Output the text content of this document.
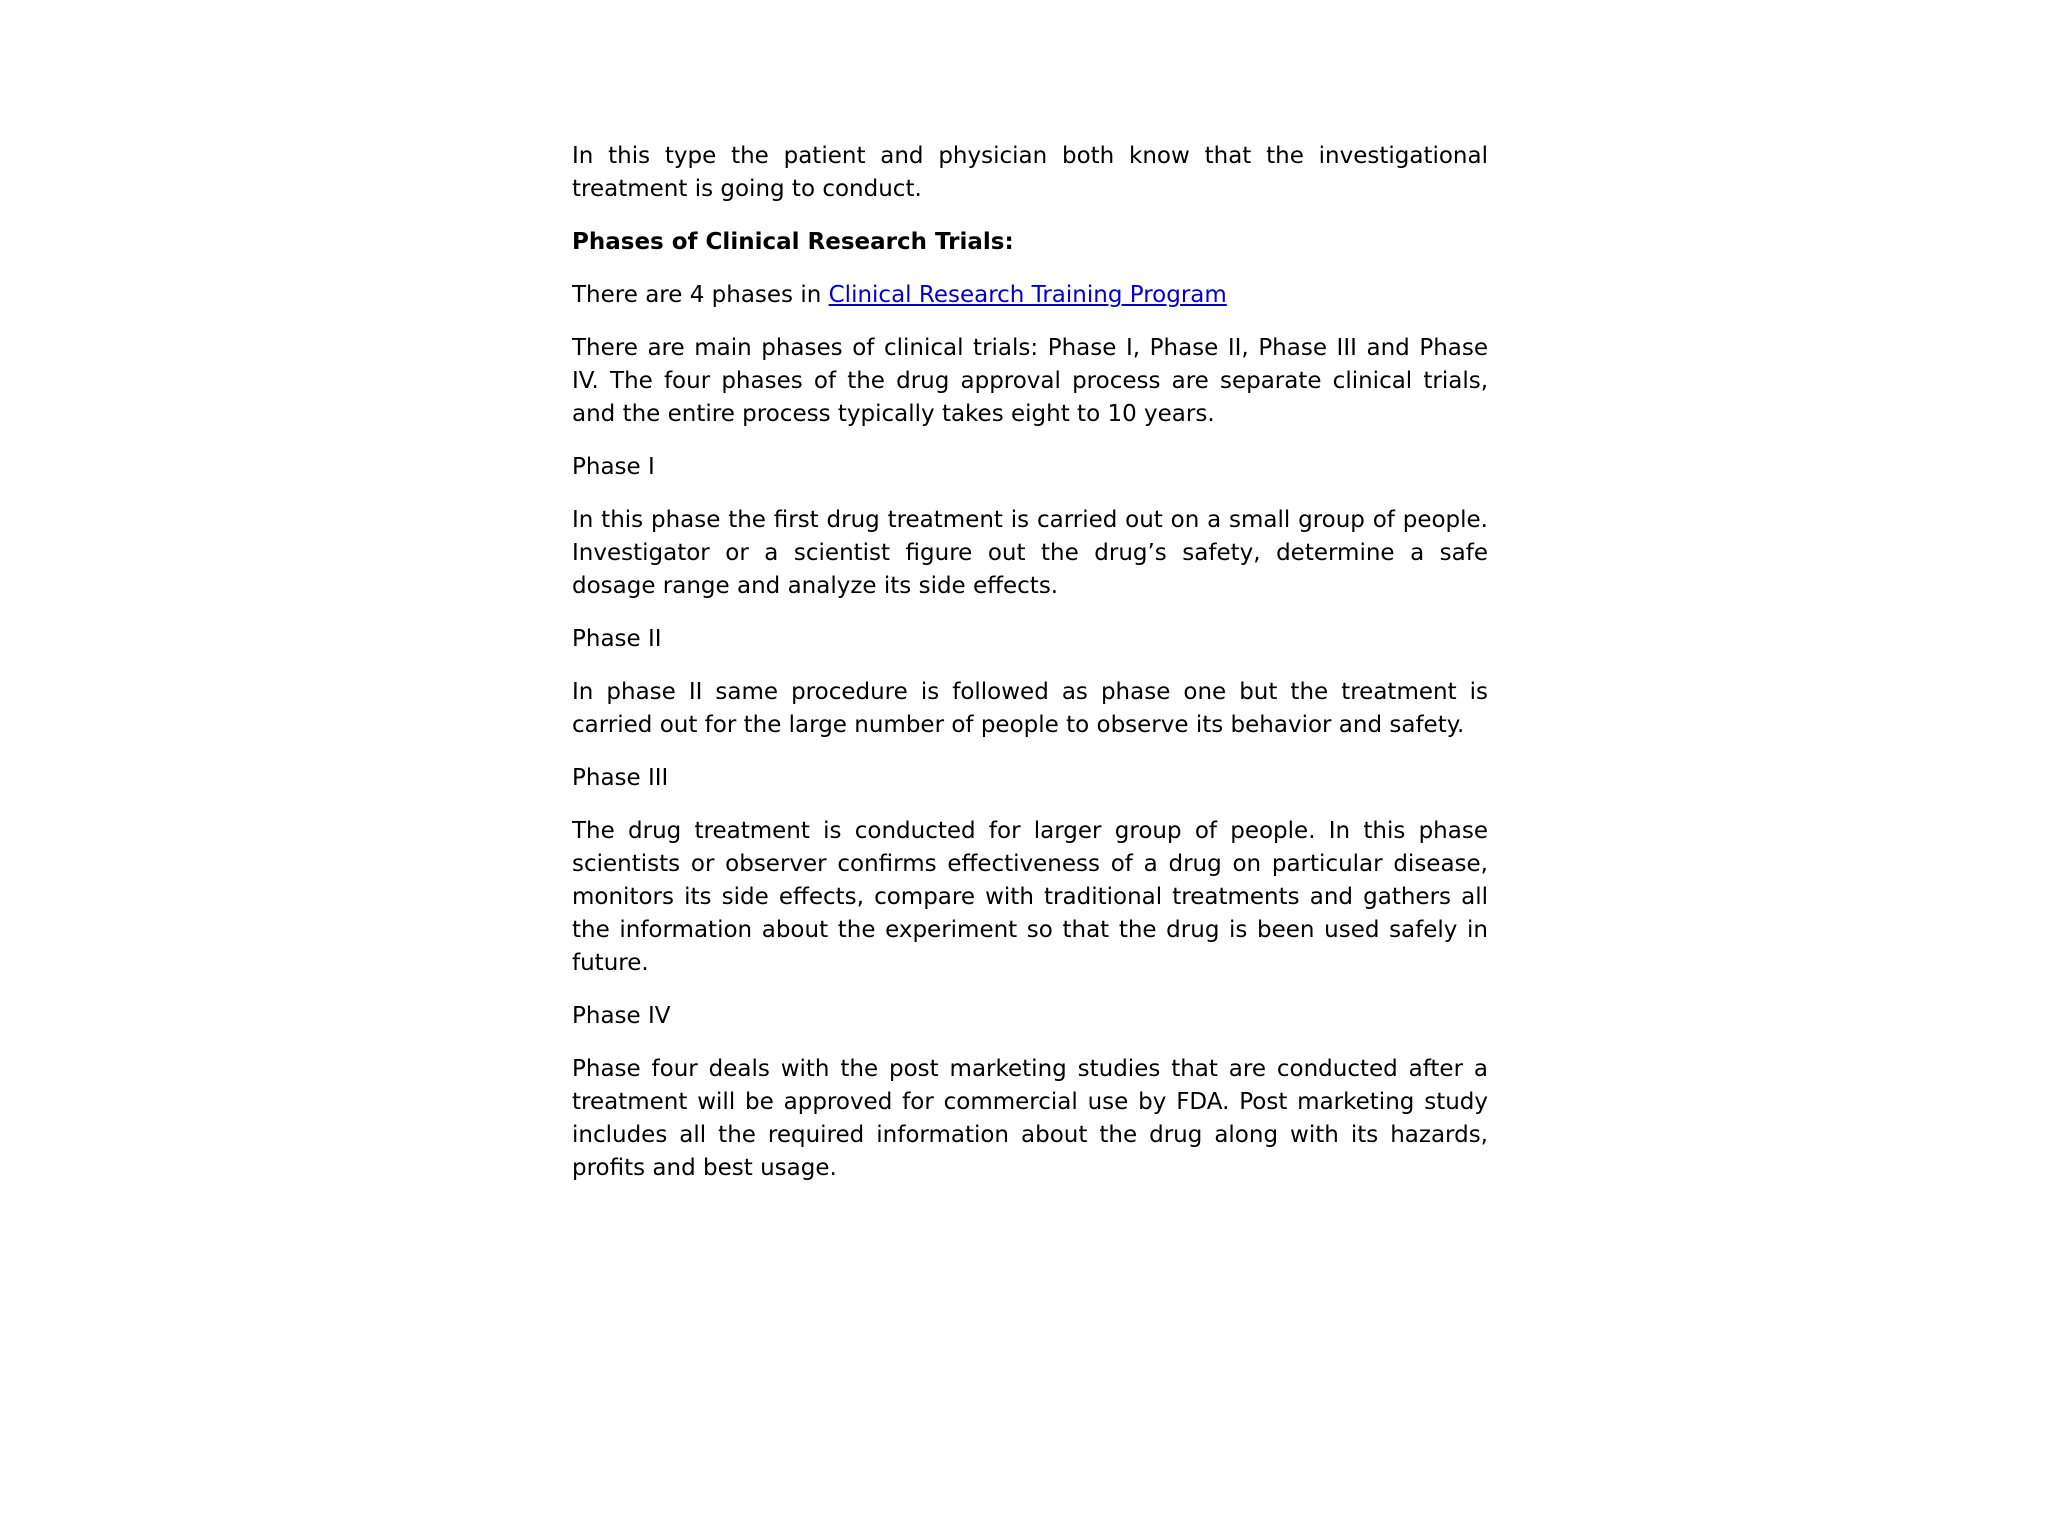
In this type the patient and physician both know that the investigational treatment is going to conduct.

Phases of Clinical Research Trials:

There are 4 phases in Clinical Research Training Program

There are main phases of clinical trials: Phase I, Phase II, Phase III and Phase IV. The four phases of the drug approval process are separate clinical trials, and the entire process typically takes eight to 10 years.

Phase I

In this phase the first drug treatment is carried out on a small group of people. Investigator or a scientist figure out the drug’s safety, determine a safe dosage range and analyze its side effects.

Phase II

In phase II same procedure is followed as phase one but the treatment is carried out for the large number of people to observe its behavior and safety.

Phase III

The drug treatment is conducted for larger group of people. In this phase scientists or observer confirms effectiveness of a drug on particular disease, monitors its side effects, compare with traditional treatments and gathers all the information about the experiment so that the drug is been used safely in future.

Phase IV

Phase four deals with the post marketing studies that are conducted after a treatment will be approved for commercial use by FDA. Post marketing study includes all the required information about the drug along with its hazards, profits and best usage.
